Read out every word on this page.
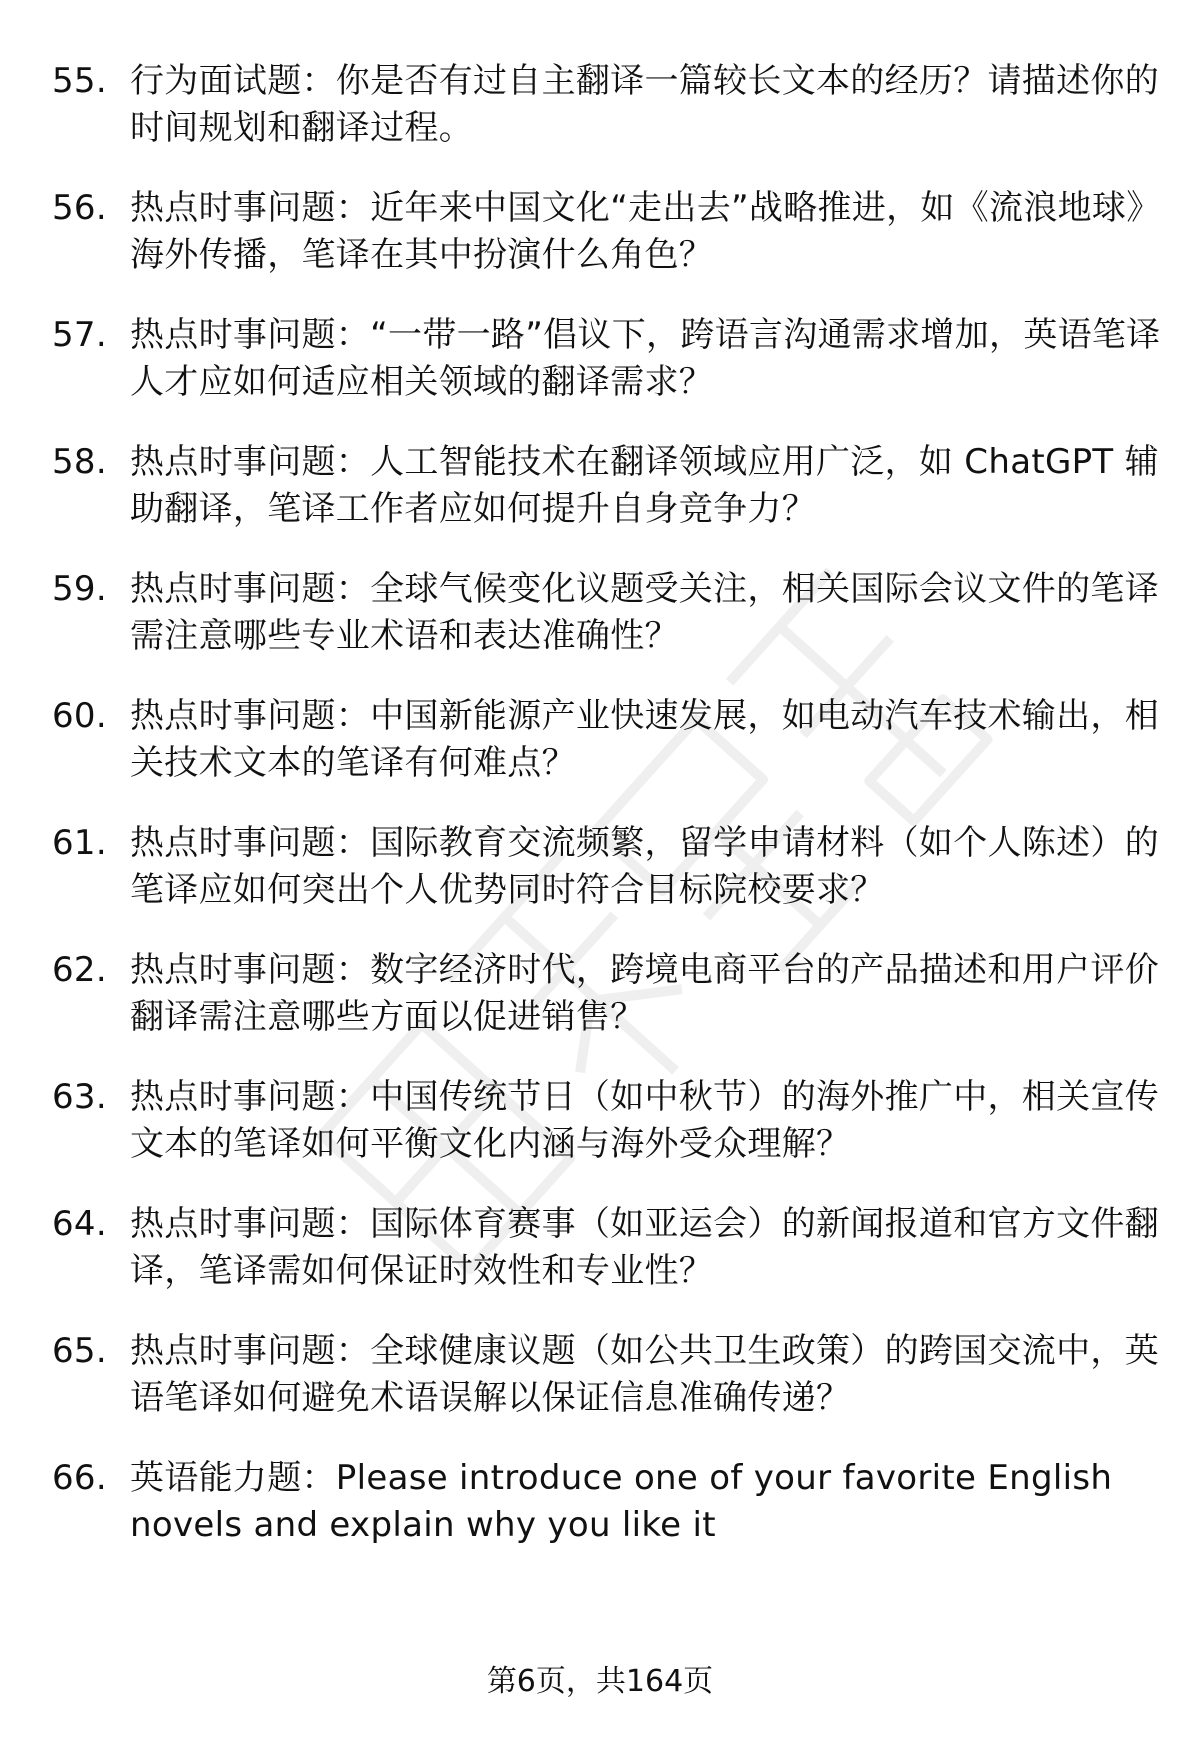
55. 行为面试题：你是否有过自主翻译一篇较长文本的经历？请描述你的时间规划和翻译过程。
56. 热点时事问题：近年来中国文化“走出去”战略推进，如《流浪地球》海外传播，笔译在其中扮演什么角色？
57. 热点时事问题：“一带一路”倡议下，跨语言沟通需求增加，英语笔译人才应如何适应相关领域的翻译需求？
58. 热点时事问题：人工智能技术在翻译领域应用广泛，如 ChatGPT 辅助翻译，笔译工作者应如何提升自身竞争力？
59. 热点时事问题：全球气候变化议题受关注，相关国际会议文件的笔译需注意哪些专业术语和表达准确性？
60. 热点时事问题：中国新能源产业快速发展，如电动汽车技术输出，相关技术文本的笔译有何难点？
61. 热点时事问题：国际教育交流频繁，留学申请材料（如个人陈述）的笔译应如何突出个人优势同时符合目标院校要求？
62. 热点时事问题：数字经济时代，跨境电商平台的产品描述和用户评价翻译需注意哪些方面以促进销售？
63. 热点时事问题：中国传统节日（如中秋节）的海外推广中，相关宣传文本的笔译如何平衡文化内涵与海外受众理解？
64. 热点时事问题：国际体育赛事（如亚运会）的新闻报道和官方文件翻译，笔译需如何保证时效性和专业性？
65. 热点时事问题：全球健康议题（如公共卫生政策）的跨国交流中，英语笔译如何避免术语误解以保证信息准确传递？
66. 英语能力题：Please introduce one of your favorite English novels and explain why you like it
第6页，共164页
